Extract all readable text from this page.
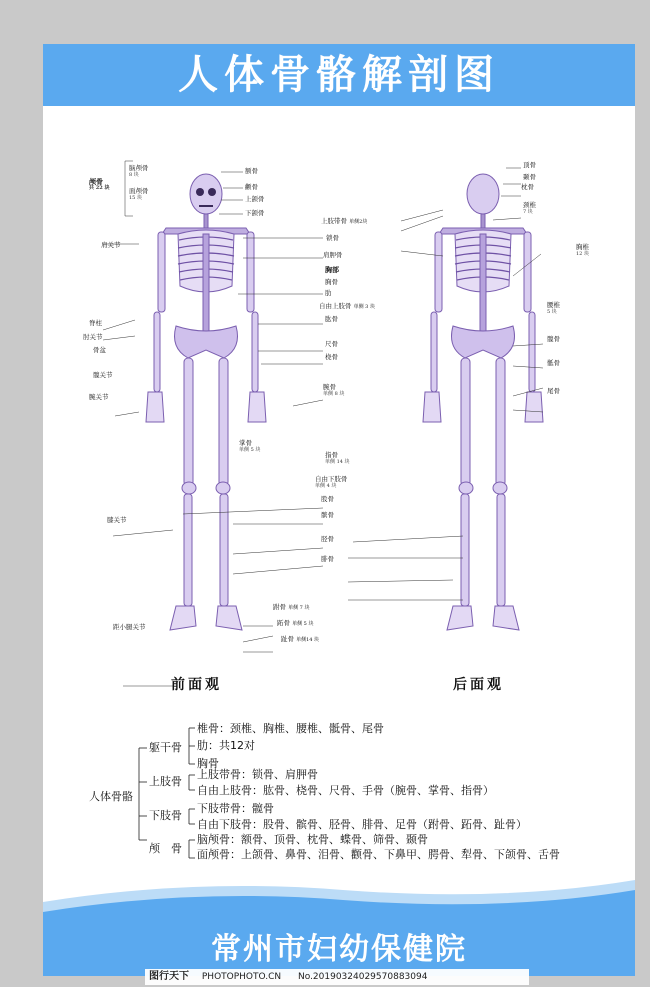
人体骨骼解剖图
颅骨
共 22 块
脑颅骨
8 块
面颅骨
15 块
额骨
颧骨
上颌骨
下颌骨
上肢带骨 单侧2块
锁骨
肩胛骨
胸部
胸骨
肋
自由上肢骨 单侧 3 块
肱骨
尺骨
桡骨
腕骨
单侧 8 块
掌骨
单侧 5 块
指骨
单侧 14 块
自由下肢骨
单侧 4 块
股骨
髌骨
胫骨
腓骨
跗骨 单侧 7 块
跖骨 单侧 5 块
趾骨 单侧14 块
肩关节
脊柱
肘关节
骨盆
髋关节
腕关节
膝关节
距小腿关节
顶骨
颞骨
枕骨
颈椎
7 块
胸椎
12 块
腰椎
5 块
髋骨
骶骨
尾骨
前面观	后面观
人体骨骼
躯干骨
椎骨：颈椎、胸椎、腰椎、骶骨、尾骨
肋：共12对
胸骨
上肢骨
上肢带骨：锁骨、肩胛骨
自由上肢骨：肱骨、桡骨、尺骨、手骨（腕骨、掌骨、指骨）
下肢骨
下肢带骨：髋骨
自由下肢骨：股骨、髌骨、胫骨、腓骨、足骨（跗骨、跖骨、趾骨）
颅　骨
脑颅骨：额骨、顶骨、枕骨、蝶骨、筛骨、颞骨
面颅骨：上颌骨、鼻骨、泪骨、颧骨、下鼻甲、腭骨、犁骨、下颌骨、舌骨
常州市妇幼保健院
图行天下 PHOTOPHOTO.CN No.20190324029570883094
